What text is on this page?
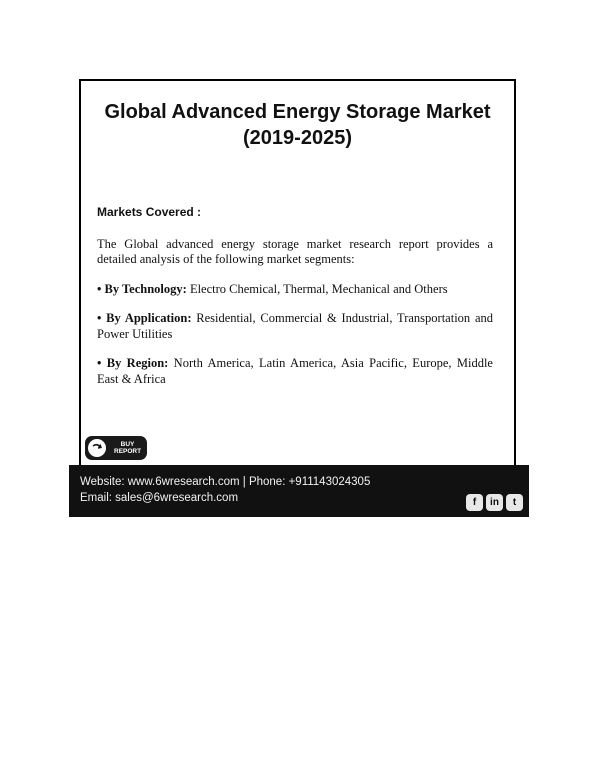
Global Advanced Energy Storage Market (2019-2025)

Markets Covered :

The Global advanced energy storage market research report provides a detailed analysis of the following market segments:

• By Technology: Electro Chemical, Thermal, Mechanical and Others

• By Application: Residential, Commercial & Industrial, Transportation and Power Utilities

• By Region: North America, Latin America, Asia Pacific, Europe, Middle East & Africa

BUY
REPORT
Website: www.6wresearch.com | Phone: +911143024305
Email: sales@6wresearch.com	f	in	t
